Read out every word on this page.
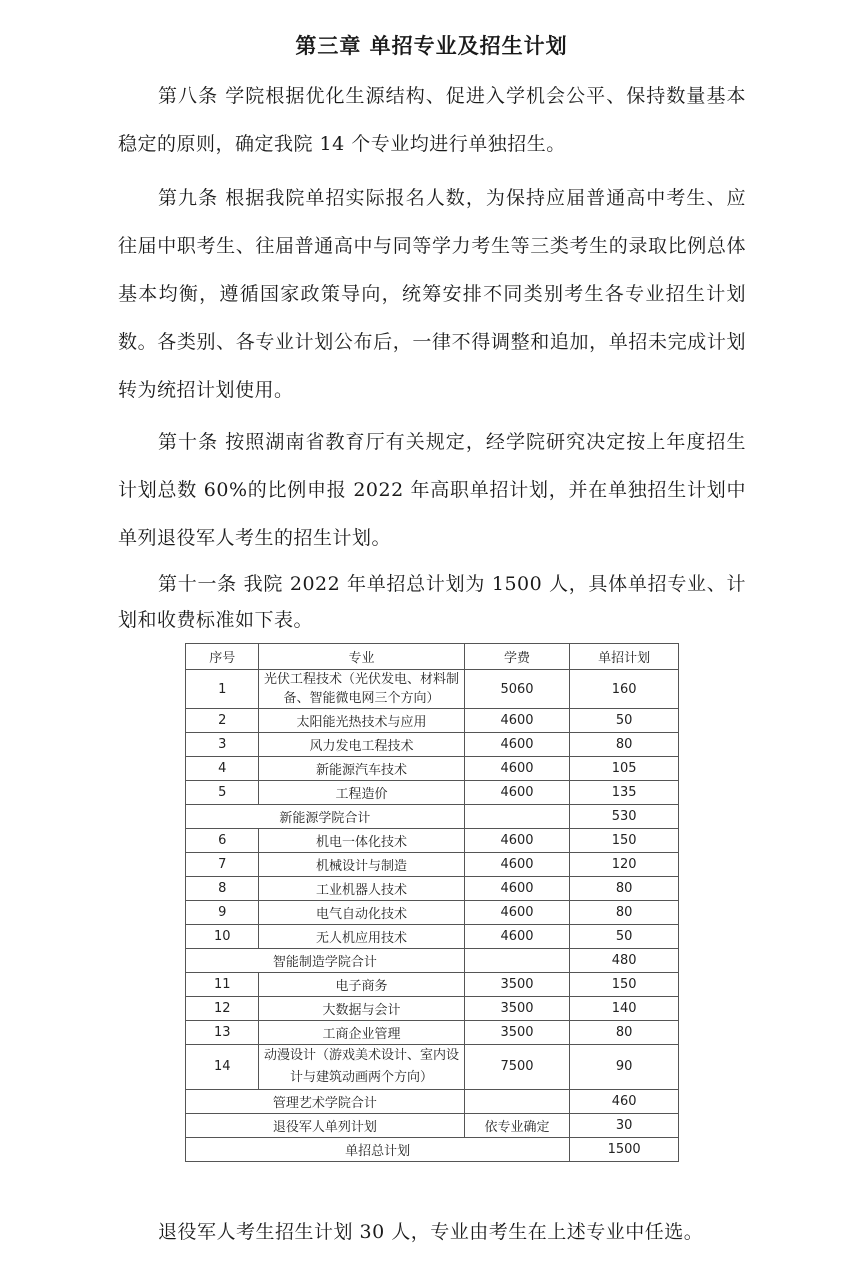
第三章 单招专业及招生计划
第八条 学院根据优化生源结构、促进入学机会公平、保持数量基本稳定的原则，确定我院 14 个专业均进行单独招生。
第九条 根据我院单招实际报名人数，为保持应届普通高中考生、应往届中职考生、往届普通高中与同等学力考生等三类考生的录取比例总体基本均衡，遵循国家政策导向，统筹安排不同类别考生各专业招生计划数。各类别、各专业计划公布后，一律不得调整和追加，单招未完成计划转为统招计划使用。
第十条 按照湖南省教育厅有关规定，经学院研究决定按上年度招生计划总数 60%的比例申报 2022 年高职单招计划，并在单独招生计划中单列退役军人考生的招生计划。
第十一条 我院 2022 年单招总计划为 1500 人，具体单招专业、计划和收费标准如下表。
序号	专业	学费	单招计划
1	光伏工程技术（光伏发电、材料制备、智能微电网三个方向）	5060	160
2	太阳能光热技术与应用	4600	50
3	风力发电工程技术	4600	80
4	新能源汽车技术	4600	105
5	工程造价	4600	135
新能源学院合计			530
6	机电一体化技术	4600	150
7	机械设计与制造	4600	120
8	工业机器人技术	4600	80
9	电气自动化技术	4600	80
10	无人机应用技术	4600	50
智能制造学院合计			480
11	电子商务	3500	150
12	大数据与会计	3500	140
13	工商企业管理	3500	80
14	动漫设计（游戏美术设计、室内设计与建筑动画两个方向）	7500	90
管理艺术学院合计			460
退役军人单列计划		依专业确定	30
单招总计划			1500
退役军人考生招生计划 30 人，专业由考生在上述专业中任选。
